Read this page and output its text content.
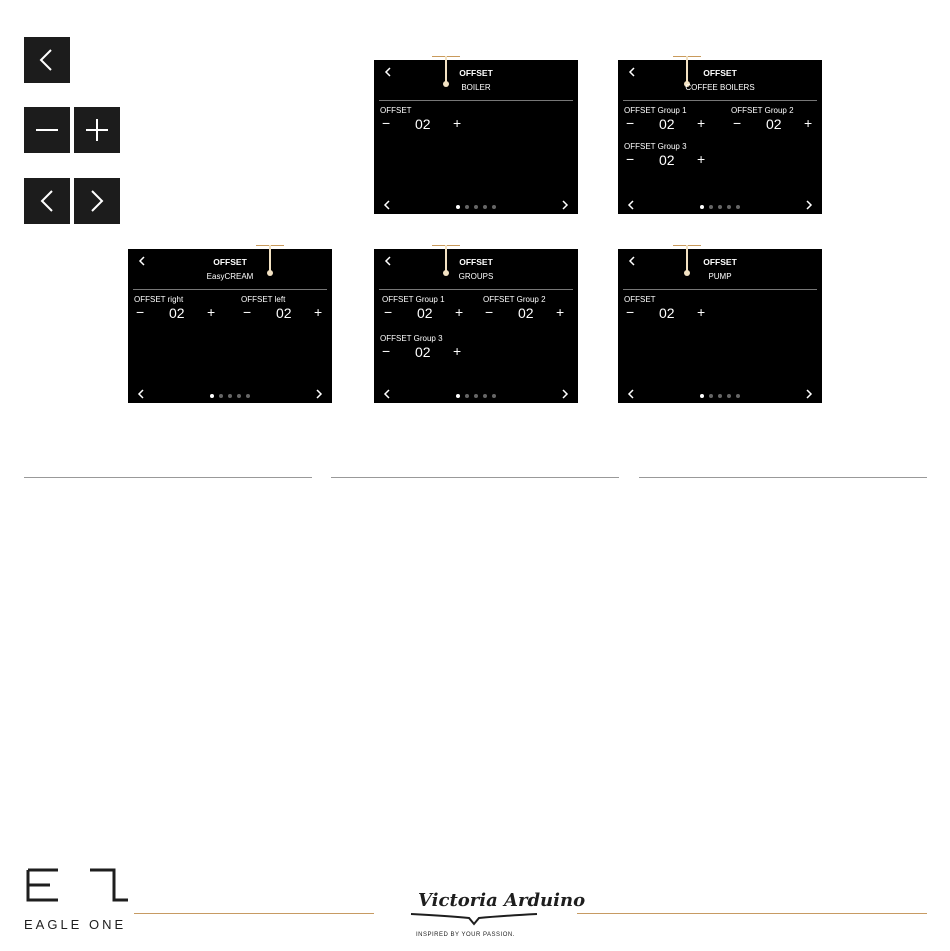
OFFSET
BOILER
OFFSET
− 02 +
OFFSET
COFFEE BOILERS
OFFSET Group 1
− 02 +
OFFSET Group 2
− 02 +
OFFSET Group 3
− 02 +
OFFSET
EasyCREAM
OFFSET right
− 02 +
OFFSET left
− 02 +
OFFSET
GROUPS
OFFSET Group 1
− 02 +
OFFSET Group 2
− 02 +
OFFSET Group 3
− 02 +
OFFSET
PUMP
OFFSET
− 02 +
EAGLE ONE
Victoria Arduino
INSPIRED BY YOUR PASSION.
